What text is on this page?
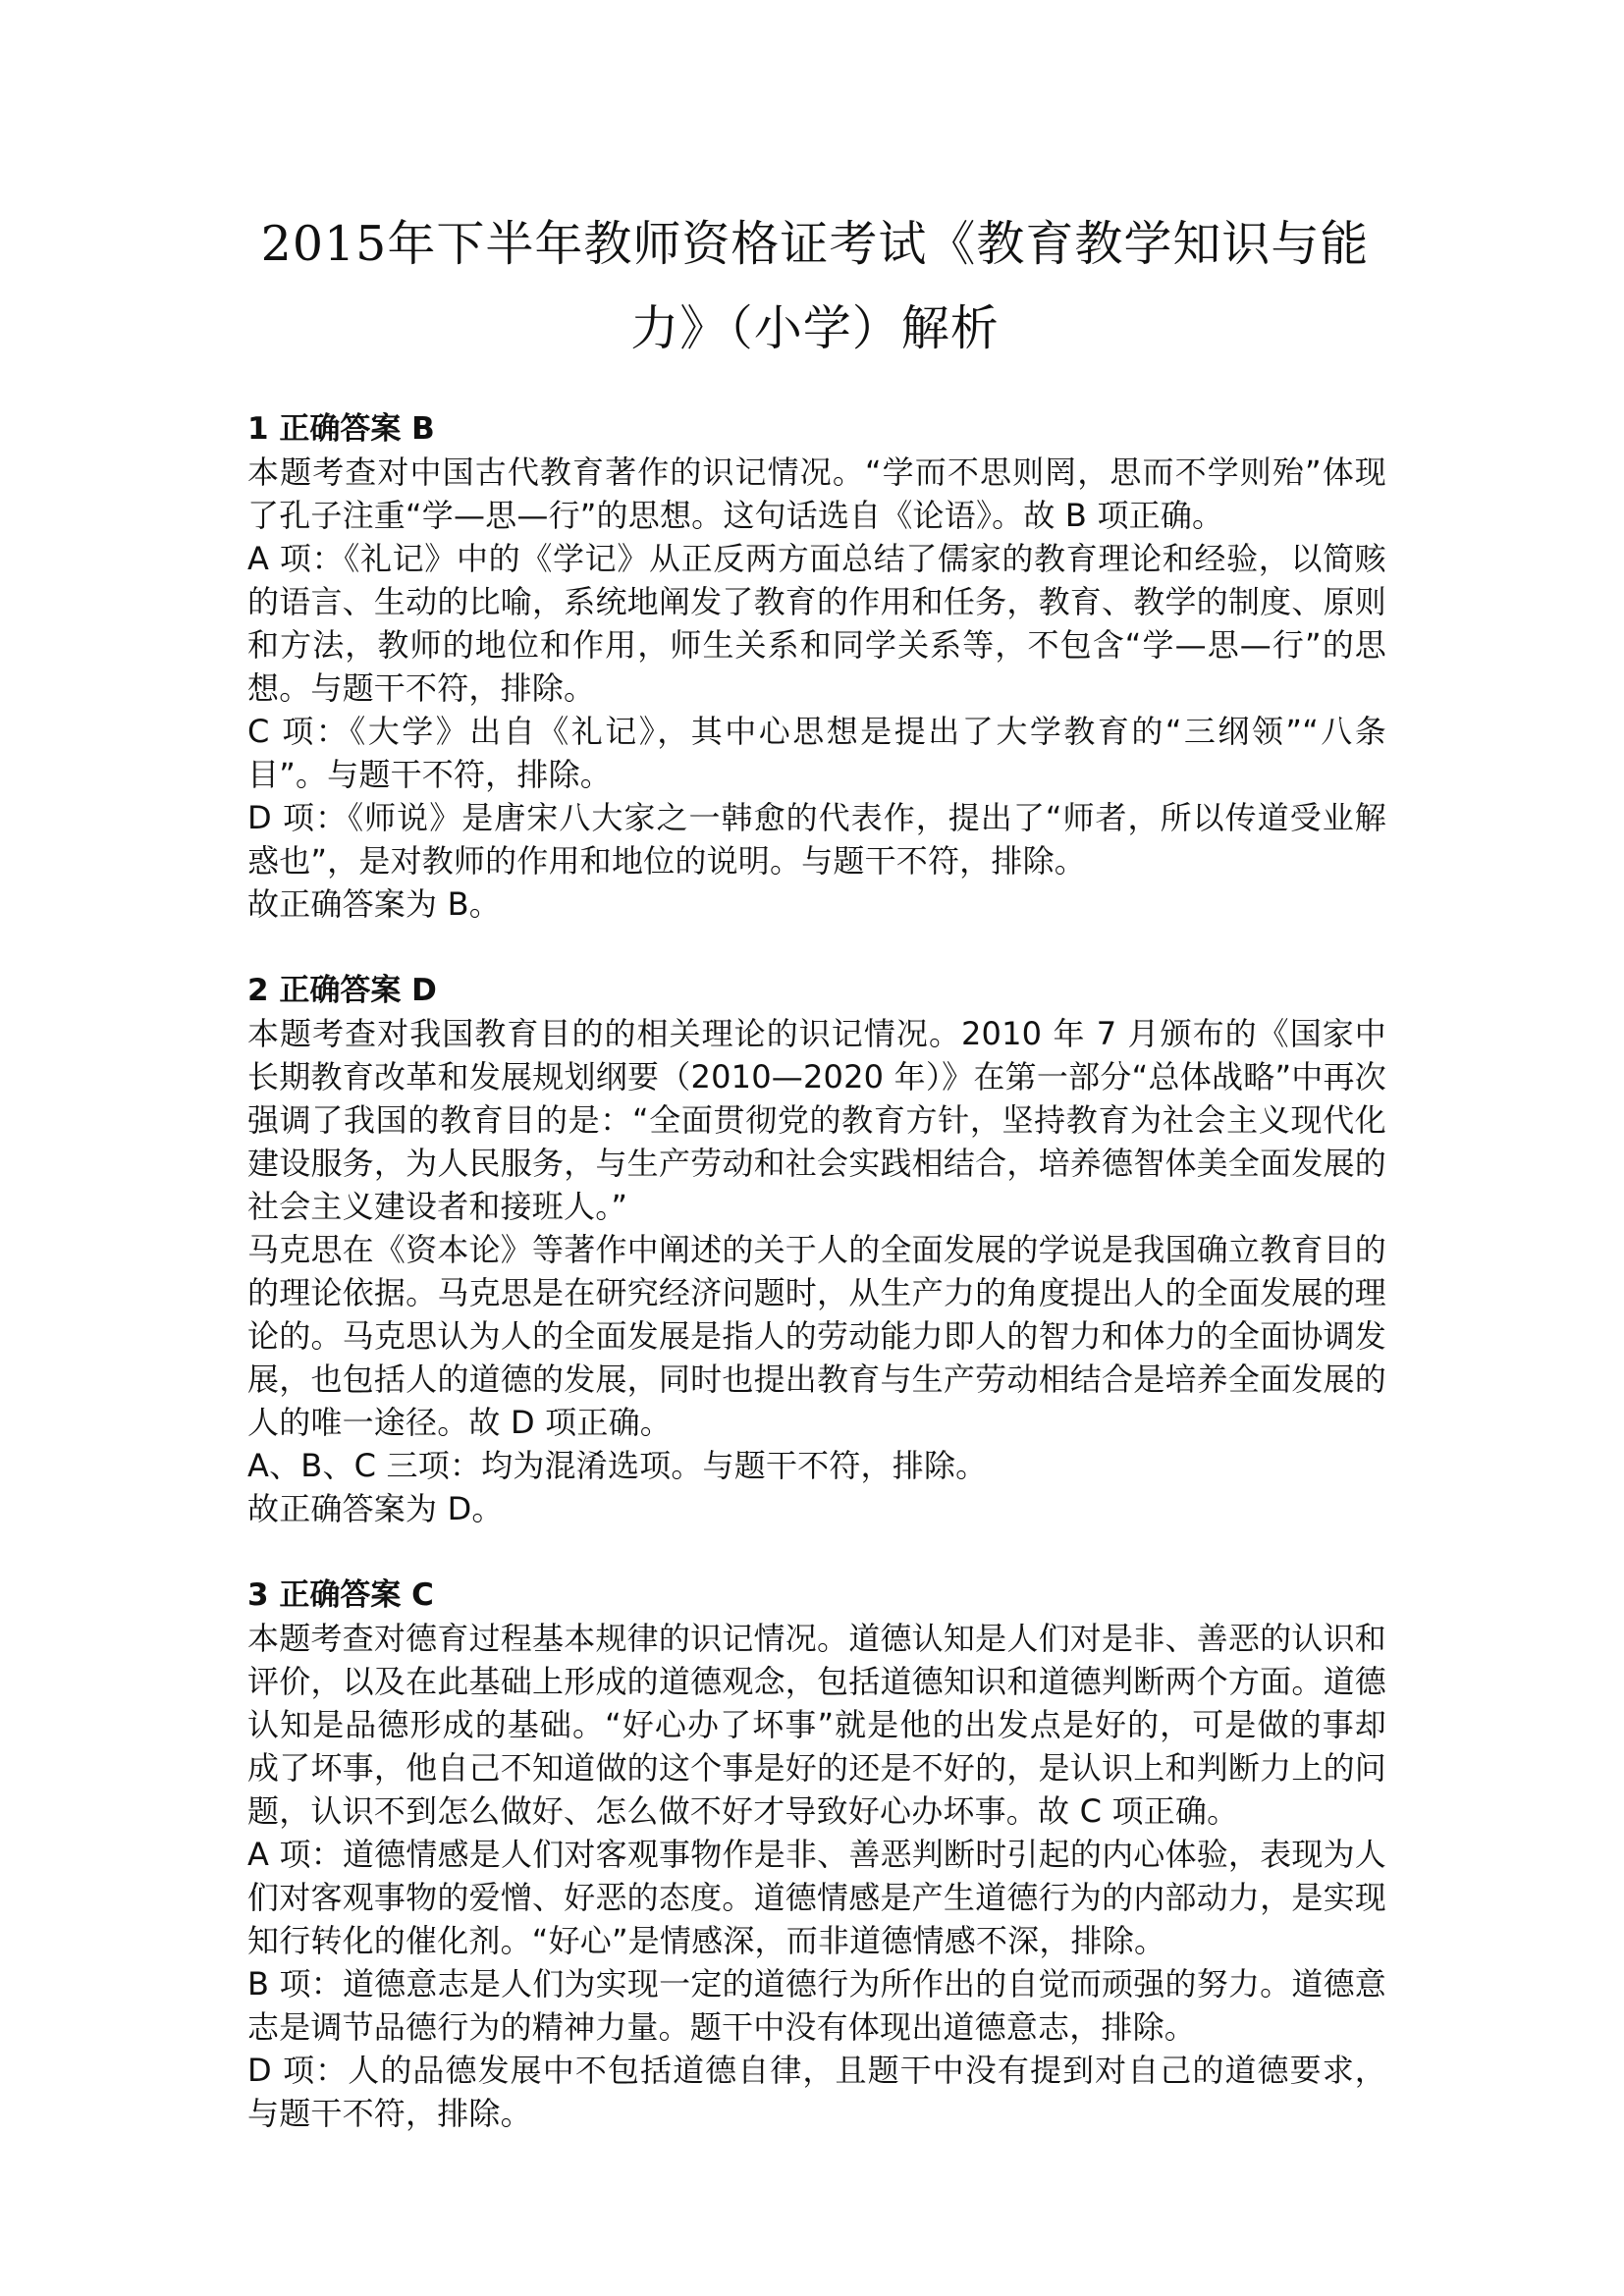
2015年下半年教师资格证考试《教育教学知识与能力》（小学）解析

1 正确答案 B

本题考查对中国古代教育著作的识记情况。“学而不思则罔，思而不学则殆”体现了孔子注重“学—思—行”的思想。这句话选自《论语》。故 B 项正确。

A 项：《礼记》中的《学记》从正反两方面总结了儒家的教育理论和经验，以简赅的语言、生动的比喻，系统地阐发了教育的作用和任务，教育、教学的制度、原则和方法，教师的地位和作用，师生关系和同学关系等，不包含“学—思—行”的思想。与题干不符，排除。

C 项：《大学》出自《礼记》，其中心思想是提出了大学教育的“三纲领”“八条目”。与题干不符，排除。

D 项：《师说》是唐宋八大家之一韩愈的代表作，提出了“师者，所以传道受业解惑也”，是对教师的作用和地位的说明。与题干不符，排除。

故正确答案为 B。

2 正确答案 D

本题考查对我国教育目的的相关理论的识记情况。2010 年 7 月颁布的《国家中长期教育改革和发展规划纲要（2010—2020 年）》在第一部分“总体战略”中再次强调了我国的教育目的是：“全面贯彻党的教育方针，坚持教育为社会主义现代化建设服务，为人民服务，与生产劳动和社会实践相结合，培养德智体美全面发展的社会主义建设者和接班人。”

马克思在《资本论》等著作中阐述的关于人的全面发展的学说是我国确立教育目的的理论依据。马克思是在研究经济问题时，从生产力的角度提出人的全面发展的理论的。马克思认为人的全面发展是指人的劳动能力即人的智力和体力的全面协调发展，也包括人的道德的发展，同时也提出教育与生产劳动相结合是培养全面发展的人的唯一途径。故 D 项正确。

A、B、C 三项：均为混淆选项。与题干不符，排除。

故正确答案为 D。

3 正确答案 C

本题考查对德育过程基本规律的识记情况。道德认知是人们对是非、善恶的认识和评价，以及在此基础上形成的道德观念，包括道德知识和道德判断两个方面。道德认知是品德形成的基础。“好心办了坏事”就是他的出发点是好的，可是做的事却成了坏事，他自己不知道做的这个事是好的还是不好的，是认识上和判断力上的问题，认识不到怎么做好、怎么做不好才导致好心办坏事。故 C 项正确。

A 项：道德情感是人们对客观事物作是非、善恶判断时引起的内心体验，表现为人们对客观事物的爱憎、好恶的态度。道德情感是产生道德行为的内部动力，是实现知行转化的催化剂。“好心”是情感深，而非道德情感不深，排除。

B 项：道德意志是人们为实现一定的道德行为所作出的自觉而顽强的努力。道德意志是调节品德行为的精神力量。题干中没有体现出道德意志，排除。

D 项：人的品德发展中不包括道德自律，且题干中没有提到对自己的道德要求，与题干不符，排除。
